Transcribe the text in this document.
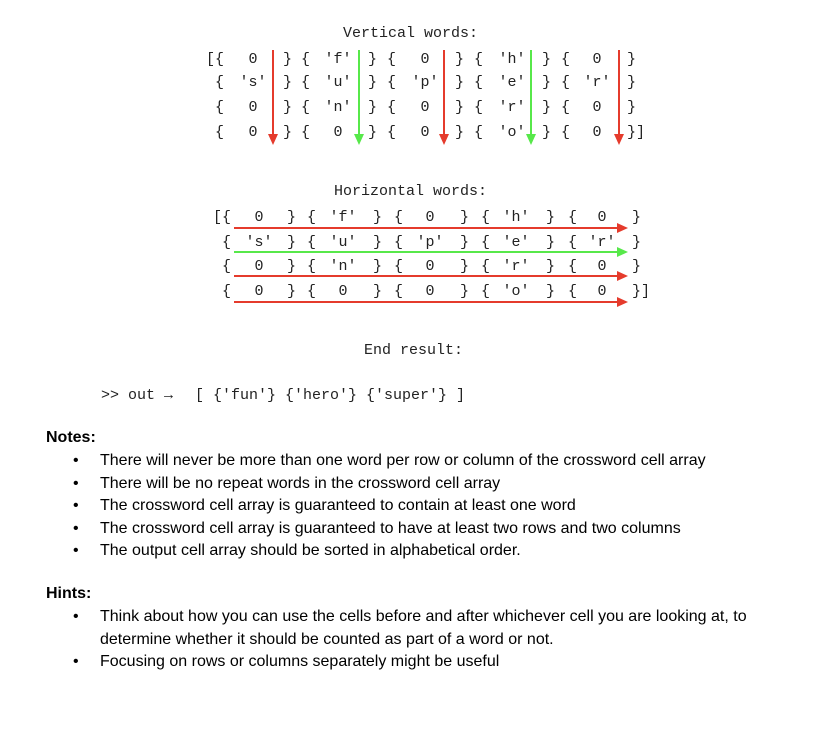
Vertical words:
[{ 0 } { 'f' } { 0 } { 'h' } { 0 }
{ 's' } { 'u' } { 'p' } { 'e' } { 'r' }
{ 0 } { 'n' } { 0 } { 'r' } { 0 }
{ 0 } { 0 } { 0 } { 'o' } { 0 }]
Horizontal words:
[{ 0 } { 'f' } { 0 } { 'h' } { 0 }
{ 's' } { 'u' } { 'p' } { 'e' } { 'r' }
{ 0 } { 'n' } { 0 } { 'r' } { 0 }
{ 0 } { 0 } { 0 } { 'o' } { 0 }]
End result:
>> out → [ {'fun'} {'hero'} {'super'} ]
Notes:
• There will never be more than one word per row or column of the crossword cell array
• There will be no repeat words in the crossword cell array
• The crossword cell array is guaranteed to contain at least one word
• The crossword cell array is guaranteed to have at least two rows and two columns
• The output cell array should be sorted in alphabetical order.
Hints:
• Think about how you can use the cells before and after whichever cell you are looking at, to determine whether it should be counted as part of a word or not.
• Focusing on rows or columns separately might be useful
